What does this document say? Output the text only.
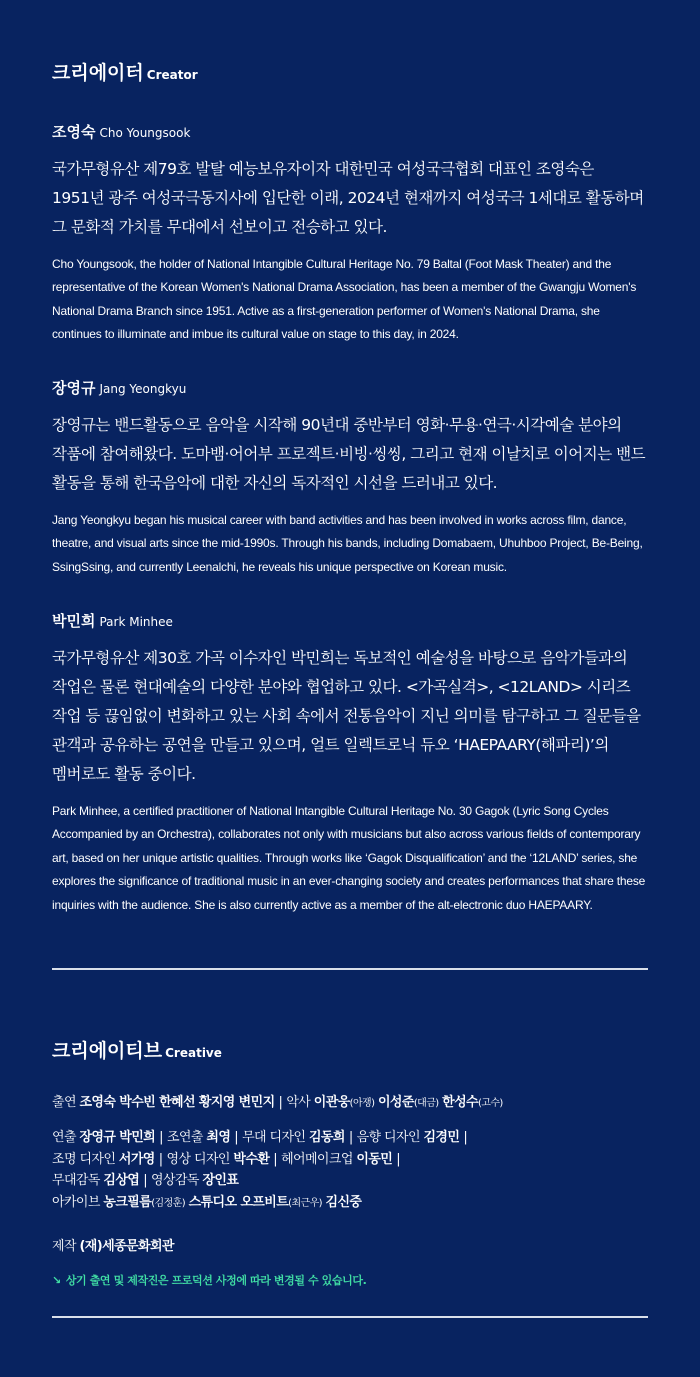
크리에이터 Creator
조영숙 Cho Youngsook

국가무형유산 제79호 발탈 예능보유자이자 대한민국 여성국극협회 대표인 조영숙은 1951년 광주 여성국극동지사에 입단한 이래, 2024년 현재까지 여성국극 1세대로 활동하며 그 문화적 가치를 무대에서 선보이고 전승하고 있다.

Cho Youngsook, the holder of National Intangible Cultural Heritage No. 79 Baltal (Foot Mask Theater) and the representative of the Korean Women's National Drama Association, has been a member of the Gwangju Women's National Drama Branch since 1951. Active as a first-generation performer of Women's National Drama, she continues to illuminate and imbue its cultural value on stage to this day, in 2024.

장영규 Jang Yeongkyu

장영규는 밴드활동으로 음악을 시작해 90년대 중반부터 영화·무용·연극·시각예술 분야의 작품에 참여해왔다. 도마뱀·어어부 프로젝트·비빙·씽씽, 그리고 현재 이날치로 이어지는 밴드 활동을 통해 한국음악에 대한 자신의 독자적인 시선을 드러내고 있다.

Jang Yeongkyu began his musical career with band activities and has been involved in works across film, dance, theatre, and visual arts since the mid-1990s. Through his bands, including Domabaem, Uhuhboo Project, Be-Being, SsingSsing, and currently Leenalchi, he reveals his unique perspective on Korean music.

박민희 Park Minhee

국가무형유산 제30호 가곡 이수자인 박민희는 독보적인 예술성을 바탕으로 음악가들과의 작업은 물론 현대예술의 다양한 분야와 협업하고 있다. <가곡실격>, <12LAND> 시리즈 작업 등 끊임없이 변화하고 있는 사회 속에서 전통음악이 지닌 의미를 탐구하고 그 질문들을 관객과 공유하는 공연을 만들고 있으며, 얼트 일렉트로닉 듀오 ‘HAEPAARY(해파리)’의 멤버로도 활동 중이다.

Park Minhee, a certified practitioner of National Intangible Cultural Heritage No. 30 Gagok (Lyric Song Cycles Accompanied by an Orchestra), collaborates not only with musicians but also across various fields of contemporary art, based on her unique artistic qualities. Through works like ‘Gagok Disqualification’ and the ‘12LAND’ series, she explores the significance of traditional music in an ever-changing society and creates performances that share these inquiries with the audience. She is also currently active as a member of the alt-electronic duo HAEPAARY.

크리에이티브 Creative

출연 조영숙 박수빈 한혜선 황지영 변민지 | 악사 이관웅(아쟁) 이성준(대금) 한성수(고수)

연출 장영규 박민희 | 조연출 최영 | 무대 디자인 김동희 | 음향 디자인 김경민 |

조명 디자인 서가영 | 영상 디자인 박수환 | 헤어메이크업 이동민 |

무대감독 김상엽 | 영상감독 장인표

아카이브 농크필름(김정훈) 스튜디오 오프비트(최근우) 김신중

제작 (재)세종문화회관

↘ 상기 출연 및 제작진은 프로덕션 사정에 따라 변경될 수 있습니다.
